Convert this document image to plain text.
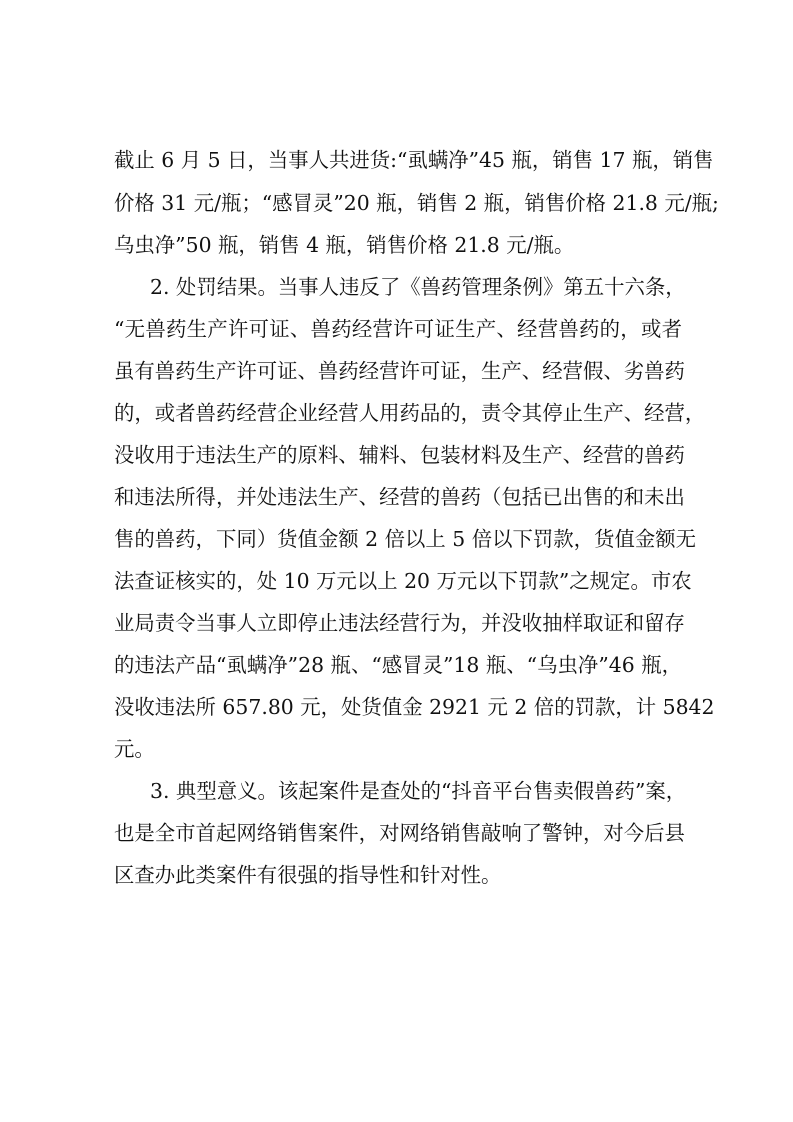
截止 6 月 5 日，当事人共进货:“虱螨净”45 瓶，销售 17 瓶，销售
价格 31 元/瓶；“感冒灵”20 瓶，销售 2 瓶，销售价格 21.8 元/瓶;
乌虫净”50 瓶，销售 4 瓶，销售价格 21.8 元/瓶。
2. 处罚结果。当事人违反了《兽药管理条例》第五十六条，
“无兽药生产许可证、兽药经营许可证生产、经营兽药的，或者
虽有兽药生产许可证、兽药经营许可证，生产、经营假、劣兽药
的，或者兽药经营企业经营人用药品的，责令其停止生产、经营，
没收用于违法生产的原料、辅料、包装材料及生产、经营的兽药
和违法所得，并处违法生产、经营的兽药（包括已出售的和未出
售的兽药，下同）货值金额 2 倍以上 5 倍以下罚款，货值金额无
法查证核实的，处 10 万元以上 20 万元以下罚款”之规定。市农
业局责令当事人立即停止违法经营行为，并没收抽样取证和留存
的违法产品“虱螨净”28 瓶、“感冒灵”18 瓶、“乌虫净”46 瓶，
没收违法所 657.80 元，处货值金 2921 元 2 倍的罚款，计 5842
元。
3. 典型意义。该起案件是查处的“抖音平台售卖假兽药”案，
也是全市首起网络销售案件，对网络销售敲响了警钟，对今后县
区查办此类案件有很强的指导性和针对性。
